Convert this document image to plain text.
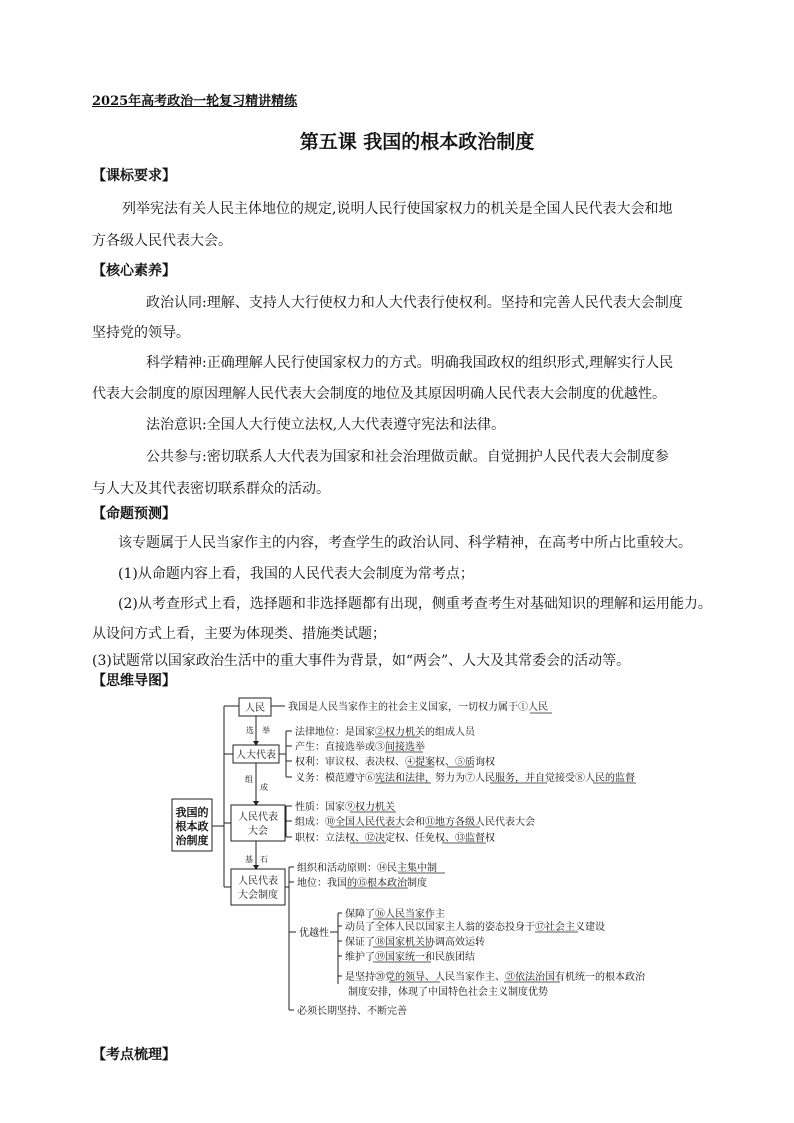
2025年高考政治一轮复习精讲精练
第五课 我国的根本政治制度
【课标要求】
列举宪法有关人民主体地位的规定,说明人民行使国家权力的机关是全国人民代表大会和地
方各级人民代表大会。
【核心素养】
政治认同:理解、支持人大行使权力和人大代表行使权利。坚持和完善人民代表大会制度
坚持党的领导。
科学精神:正确理解人民行使国家权力的方式。明确我国政权的组织形式,理解实行人民
代表大会制度的原因理解人民代表大会制度的地位及其原因明确人民代表大会制度的优越性。
法治意识:全国人大行使立法权,人大代表遵守宪法和法律。
公共参与:密切联系人大代表为国家和社会治理做贡献。自觉拥护人民代表大会制度参
与人大及其代表密切联系群众的活动。
【命题预测】
该专题属于人民当家作主的内容，考查学生的政治认同、科学精神，在高考中所占比重较大。
(1)从命题内容上看，我国的人民代表大会制度为常考点；
(2)从考查形式上看，选择题和非选择题都有出现，侧重考查考生对基础知识的理解和运用能力。
从设问方式上看，主要为体现类、措施类试题；
(3)试题常以国家政治生活中的重大事件为背景，如“两会”、人大及其常委会的活动等。
【思维导图】
我国的
根本政
治制度
人民
人大代表
人民代表
大会
人民代表
大会制度
选 举
组
成
基 石
我国是人民当家作主的社会主义国家，一切权力属于①人民
法律地位：是国家②权力机关的组成人员
产生：直接选举或③间接选举
权利：审议权、表决权、④提案权、⑤质询权
义务：模范遵守⑥宪法和法律，努力为⑦人民服务，并自觉接受⑧人民的监督
性质：国家⑨权力机关
组成：⑩全国人民代表大会和⑪地方各级人民代表大会
职权：立法权、⑫决定权、任免权、⑬监督权
组织和活动原则：⑭民主集中制
地位：我国的⑮根本政治制度
优越性
保障了⑯人民当家作主
动员了全体人民以国家主人翁的姿态投身于⑰社会主义建设
保证了⑱国家机关协调高效运转
维护了⑲国家统一和民族团结
是坚持⑳党的领导、人民当家作主、㉑依法治国有机统一的根本政治
制度安排，体现了中国特色社会主义制度优势
必须长期坚持、不断完善
【考点梳理】
